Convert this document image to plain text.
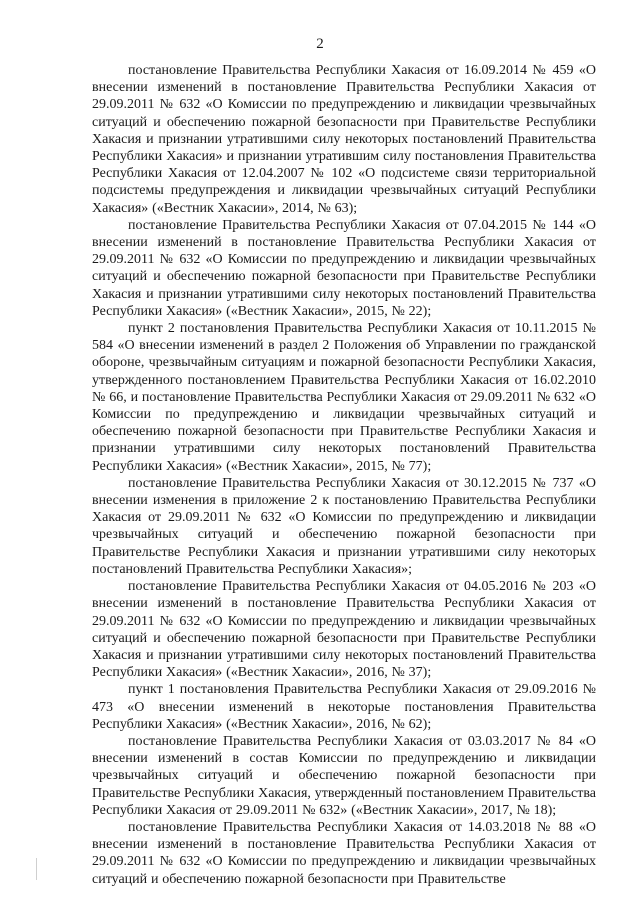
2

постановление Правительства Республики Хакасия от 16.09.2014 № 459 «О внесении изменений в постановление Правительства Республики Хакасия от 29.09.2011 № 632 «О Комиссии по предупреждению и ликвидации чрезвычайных ситуаций и обеспечению пожарной безопасности при Правительстве Республики Хакасия и признании утратившими силу некоторых постановлений Правительства Республики Хакасия» и признании утратившим силу постановления Правительства Республики Хакасия от 12.04.2007 № 102 «О подсистеме связи территориальной подсистемы предупреждения и ликвидации чрезвычайных ситуаций Республики Хакасия» («Вестник Хакасии», 2014, № 63);

постановление Правительства Республики Хакасия от 07.04.2015 № 144 «О внесении изменений в постановление Правительства Республики Хакасия от 29.09.2011 № 632 «О Комиссии по предупреждению и ликвидации чрезвычайных ситуаций и обеспечению пожарной безопасности при Правительстве Республики Хакасия и признании утратившими силу некоторых постановлений Правительства Республики Хакасия» («Вестник Хакасии», 2015, № 22);

пункт 2 постановления Правительства Республики Хакасия от 10.11.2015 № 584 «О внесении изменений в раздел 2 Положения об Управлении по гражданской обороне, чрезвычайным ситуациям и пожарной безопасности Республики Хакасия, утвержденного постановлением Правительства Республики Хакасия от 16.02.2010 № 66, и постановление Правительства Республики Хакасия от 29.09.2011 № 632 «О Комиссии по предупреждению и ликвидации чрезвычайных ситуаций и обеспечению пожарной безопасности при Правительстве Республики Хакасия и признании утратившими силу некоторых постановлений Правительства Республики Хакасия» («Вестник Хакасии», 2015, № 77);

постановление Правительства Республики Хакасия от 30.12.2015 № 737 «О внесении изменения в приложение 2 к постановлению Правительства Республики Хакасия от 29.09.2011 № 632 «О Комиссии по предупреждению и ликвидации чрезвычайных ситуаций и обеспечению пожарной безопасности при Правительстве Республики Хакасия и признании утратившими силу некоторых постановлений Правительства Республики Хакасия»;

постановление Правительства Республики Хакасия от 04.05.2016 № 203 «О внесении изменений в постановление Правительства Республики Хакасия от 29.09.2011 № 632 «О Комиссии по предупреждению и ликвидации чрезвычайных ситуаций и обеспечению пожарной безопасности при Правительстве Республики Хакасия и признании утратившими силу некоторых постановлений Правительства Республики Хакасия» («Вестник Хакасии», 2016, № 37);

пункт 1 постановления Правительства Республики Хакасия от 29.09.2016 № 473 «О внесении изменений в некоторые постановления Правительства Республики Хакасия» («Вестник Хакасии», 2016, № 62);

постановление Правительства Республики Хакасия от 03.03.2017 № 84 «О внесении изменений в состав Комиссии по предупреждению и ликвидации чрезвычайных ситуаций и обеспечению пожарной безопасности при Правительстве Республики Хакасия, утвержденный постановлением Правительства Республики Хакасия от 29.09.2011 № 632» («Вестник Хакасии», 2017, № 18);

постановление Правительства Республики Хакасия от 14.03.2018 № 88 «О внесении изменений в постановление Правительства Республики Хакасия от 29.09.2011 № 632 «О Комиссии по предупреждению и ликвидации чрезвычайных ситуаций и обеспечению пожарной безопасности при Правительстве
